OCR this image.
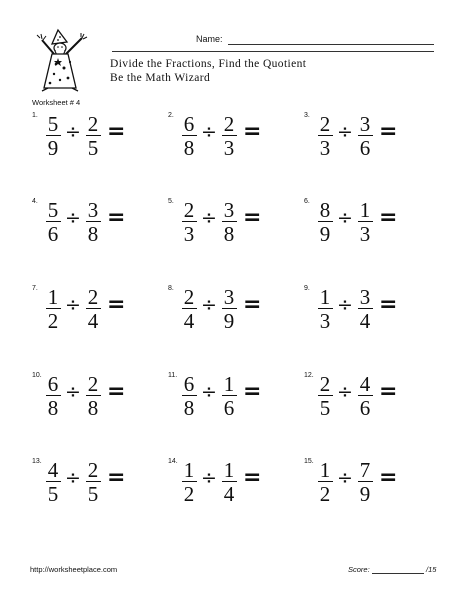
Name:
Divide the Fractions, Find the Quotient
Be the Math Wizard
Worksheet # 4
1. 5
9
÷ 2
5
=
2. 6
8
÷ 2
3
=
3. 2
3
÷ 3
6
=
4. 5
6
÷ 3
8
=
5. 2
3
÷ 3
8
=
6. 8
9
÷ 1
3
=
7. 1
2
÷ 2
4
=
8. 2
4
÷ 3
9
=
9. 1
3
÷ 3
4
=
10. 6
8
÷ 2
8
=
11. 6
8
÷ 1
6
=
12. 2
5
÷ 4
6
=
13. 4
5
÷ 2
5
=
14. 1
2
÷ 1
4
=
15. 1
2
÷ 7
9
=
http://worksheetplace.com	Score:	/15
